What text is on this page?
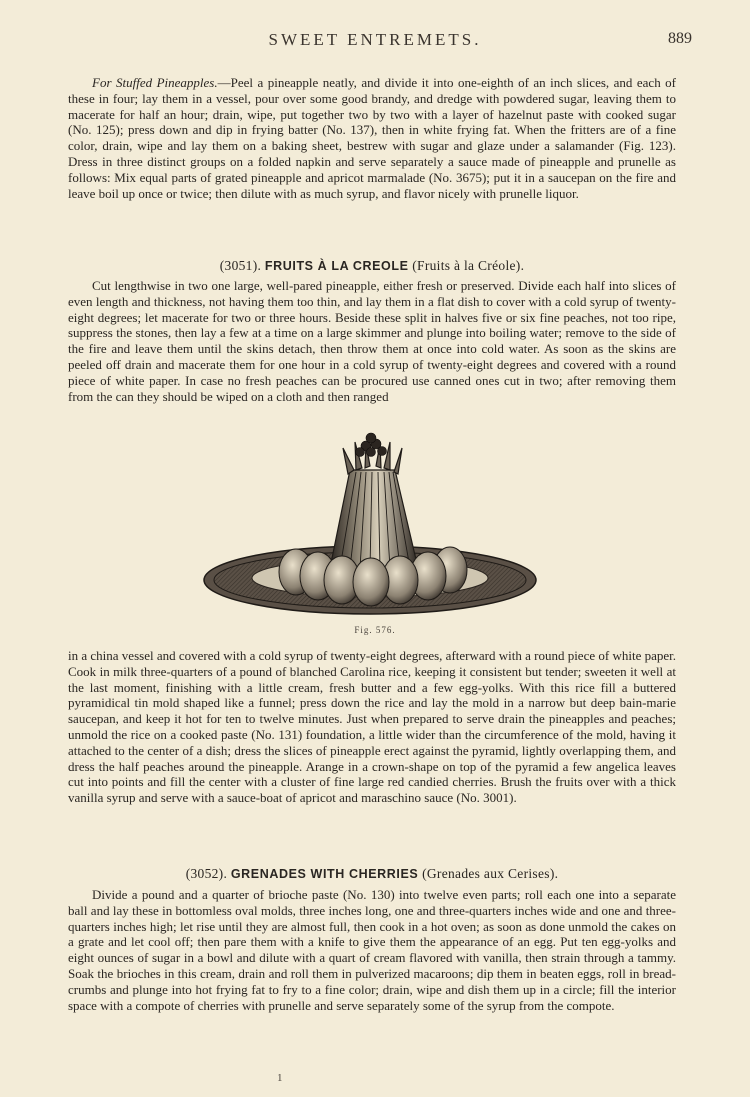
SWEET ENTREMETS.	889

For Stuffed Pineapples.—Peel a pineapple neatly, and divide it into one-eighth of an inch slices, and each of these in four; lay them in a vessel, pour over some good brandy, and dredge with powdered sugar, leaving them to macerate for half an hour; drain, wipe, put together two by two with a layer of hazelnut paste with cooked sugar (No. 125); press down and dip in frying batter (No. 137), then in white frying fat. When the fritters are of a fine color, drain, wipe and lay them on a baking sheet, bestrew with sugar and glaze under a salamander (Fig. 123). Dress in three distinct groups on a folded napkin and serve separately a sauce made of pineapple and prunelle as follows: Mix equal parts of grated pineapple and apricot marmalade (No. 3675); put it in a saucepan on the fire and leave boil up once or twice; then dilute with as much syrup, and flavor nicely with prunelle liquor.

(3051). FRUITS À LA CREOLE (Fruits à la Créole).

Cut lengthwise in two one large, well-pared pineapple, either fresh or preserved. Divide each half into slices of even length and thickness, not having them too thin, and lay them in a flat dish to cover with a cold syrup of twenty-eight degrees; let macerate for two or three hours. Beside these split in halves five or six fine peaches, not too ripe, suppress the stones, then lay a few at a time on a large skimmer and plunge into boiling water; remove to the side of the fire and leave them until the skins detach, then throw them at once into cold water. As soon as the skins are peeled off drain and macerate them for one hour in a cold syrup of twenty-eight degrees and covered with a round piece of white paper. In case no fresh peaches can be procured use canned ones cut in two; after removing them from the can they should be wiped on a cloth and then ranged

Fig. 576.

in a china vessel and covered with a cold syrup of twenty-eight degrees, afterward with a round piece of white paper. Cook in milk three-quarters of a pound of blanched Carolina rice, keeping it consistent but tender; sweeten it well at the last moment, finishing with a little cream, fresh butter and a few egg-yolks. With this rice fill a buttered pyramidical tin mold shaped like a funnel; press down the rice and lay the mold in a narrow but deep bain-marie saucepan, and keep it hot for ten to twelve minutes. Just when prepared to serve drain the pineapples and peaches; unmold the rice on a cooked paste (No. 131) foundation, a little wider than the circumference of the mold, having it attached to the center of a dish; dress the slices of pineapple erect against the pyramid, lightly overlapping them, and dress the half peaches around the pineapple. Arange in a crown-shape on top of the pyramid a few angelica leaves cut into points and fill the center with a cluster of fine large red candied cherries. Brush the fruits over with a thick vanilla syrup and serve with a sauce-boat of apricot and maraschino sauce (No. 3001).

(3052). GRENADES WITH CHERRIES (Grenades aux Cerises).

Divide a pound and a quarter of brioche paste (No. 130) into twelve even parts; roll each one into a separate ball and lay these in bottomless oval molds, three inches long, one and three-quarters inches wide and one and three-quarters inches high; let rise until they are almost full, then cook in a hot oven; as soon as done unmold the cakes on a grate and let cool off; then pare them with a knife to give them the appearance of an egg. Put ten egg-yolks and eight ounces of sugar in a bowl and dilute with a quart of cream flavored with vanilla, then strain through a tammy. Soak the brioches in this cream, drain and roll them in pulverized macaroons; dip them in beaten eggs, roll in bread-crumbs and plunge into hot frying fat to fry to a fine color; drain, wipe and dish them up in a circle; fill the interior space with a compote of cherries with prunelle and serve separately some of the syrup from the compote.

1
